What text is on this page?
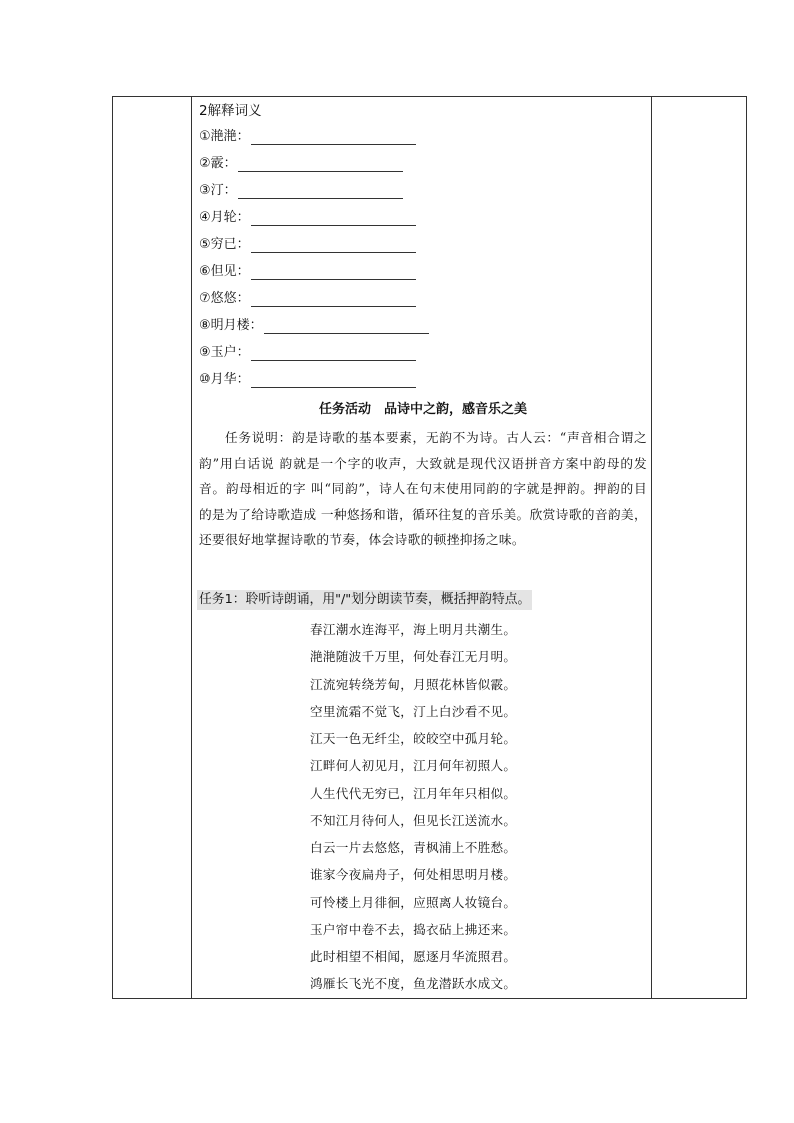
2解释词义
①滟滟：
②霰：
③汀：
④月轮：
⑤穷已：
⑥但见：
⑦悠悠：
⑧明月楼：
⑨玉户：
⑩月华：
任务活动　品诗中之韵，感音乐之美

任务说明：韵是诗歌的基本要素，无韵不为诗。古人云：“声音相合谓之韵”用白话说 韵就是一个字的收声，大致就是现代汉语拼音方案中韵母的发音。韵母相近的字 叫“同韵”，诗人在句末使用同韵的字就是押韵。押韵的目的是为了给诗歌造成 一种悠扬和谐，循环往复的音乐美。欣赏诗歌的音韵美，还要很好地掌握诗歌的节奏，体会诗歌的顿挫抑扬之味。

任务1：聆听诗朗诵，用"/"划分朗读节奏，概括押韵特点。
春江潮水连海平，海上明月共潮生。
滟滟随波千万里，何处春江无月明。
江流宛转绕芳甸，月照花林皆似霰。
空里流霜不觉飞，汀上白沙看不见。
江天一色无纤尘，皎皎空中孤月轮。
江畔何人初见月，江月何年初照人。
人生代代无穷已，江月年年只相似。
不知江月待何人，但见长江送流水。
白云一片去悠悠，青枫浦上不胜愁。
谁家今夜扁舟子，何处相思明月楼。
可怜楼上月徘徊，应照离人妆镜台。
玉户帘中卷不去，捣衣砧上拂还来。
此时相望不相闻，愿逐月华流照君。
鸿雁长飞光不度，鱼龙潜跃水成文。
